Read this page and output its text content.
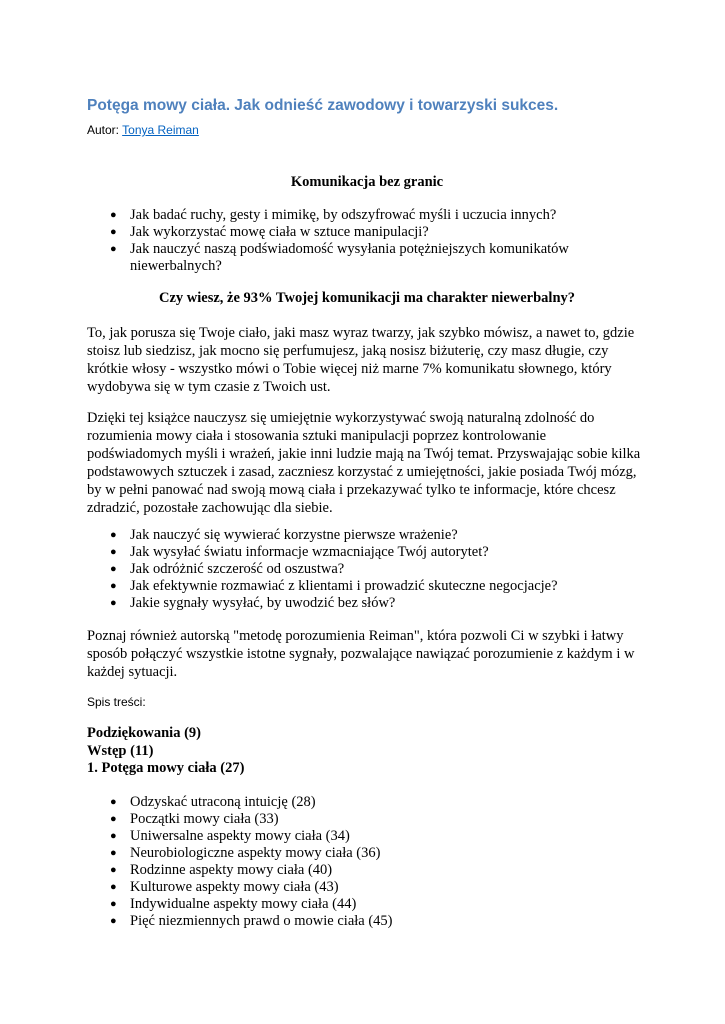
Potęga mowy ciała. Jak odnieść zawodowy i towarzyski sukces.
Autor: Tonya Reiman
Komunikacja bez granic
● Jak badać ruchy, gesty i mimikę, by odszyfrować myśli i uczucia innych?
● Jak wykorzystać mowę ciała w sztuce manipulacji?
● Jak nauczyć naszą podświadomość wysyłania potężniejszych komunikatów niewerbalnych?
Czy wiesz, że 93% Twojej komunikacji ma charakter niewerbalny?

To, jak porusza się Twoje ciało, jaki masz wyraz twarzy, jak szybko mówisz, a nawet to, gdzie stoisz lub siedzisz, jak mocno się perfumujesz, jaką nosisz biżuterię, czy masz długie, czy krótkie włosy - wszystko mówi o Tobie więcej niż marne 7% komunikatu słownego, który wydobywa się w tym czasie z Twoich ust.

Dzięki tej książce nauczysz się umiejętnie wykorzystywać swoją naturalną zdolność do rozumienia mowy ciała i stosowania sztuki manipulacji poprzez kontrolowanie podświadomych myśli i wrażeń, jakie inni ludzie mają na Twój temat. Przyswajając sobie kilka podstawowych sztuczek i zasad, zaczniesz korzystać z umiejętności, jakie posiada Twój mózg, by w pełni panować nad swoją mową ciała i przekazywać tylko te informacje, które chcesz zdradzić, pozostałe zachowując dla siebie.

● Jak nauczyć się wywierać korzystne pierwsze wrażenie?
● Jak wysyłać światu informacje wzmacniające Twój autorytet?
● Jak odróżnić szczerość od oszustwa?
● Jak efektywnie rozmawiać z klientami i prowadzić skuteczne negocjacje?
● Jakie sygnały wysyłać, by uwodzić bez słów?

Poznaj również autorską "metodę porozumienia Reiman", która pozwoli Ci w szybki i łatwy sposób połączyć wszystkie istotne sygnały, pozwalające nawiązać porozumienie z każdym i w każdej sytuacji.

Spis treści:
Podziękowania (9)
Wstęp (11)
1. Potęga mowy ciała (27)
● Odzyskać utraconą intuicję (28)
● Początki mowy ciała (33)
● Uniwersalne aspekty mowy ciała (34)
● Neurobiologiczne aspekty mowy ciała (36)
● Rodzinne aspekty mowy ciała (40)
● Kulturowe aspekty mowy ciała (43)
● Indywidualne aspekty mowy ciała (44)
● Pięć niezmiennych prawd o mowie ciała (45)
